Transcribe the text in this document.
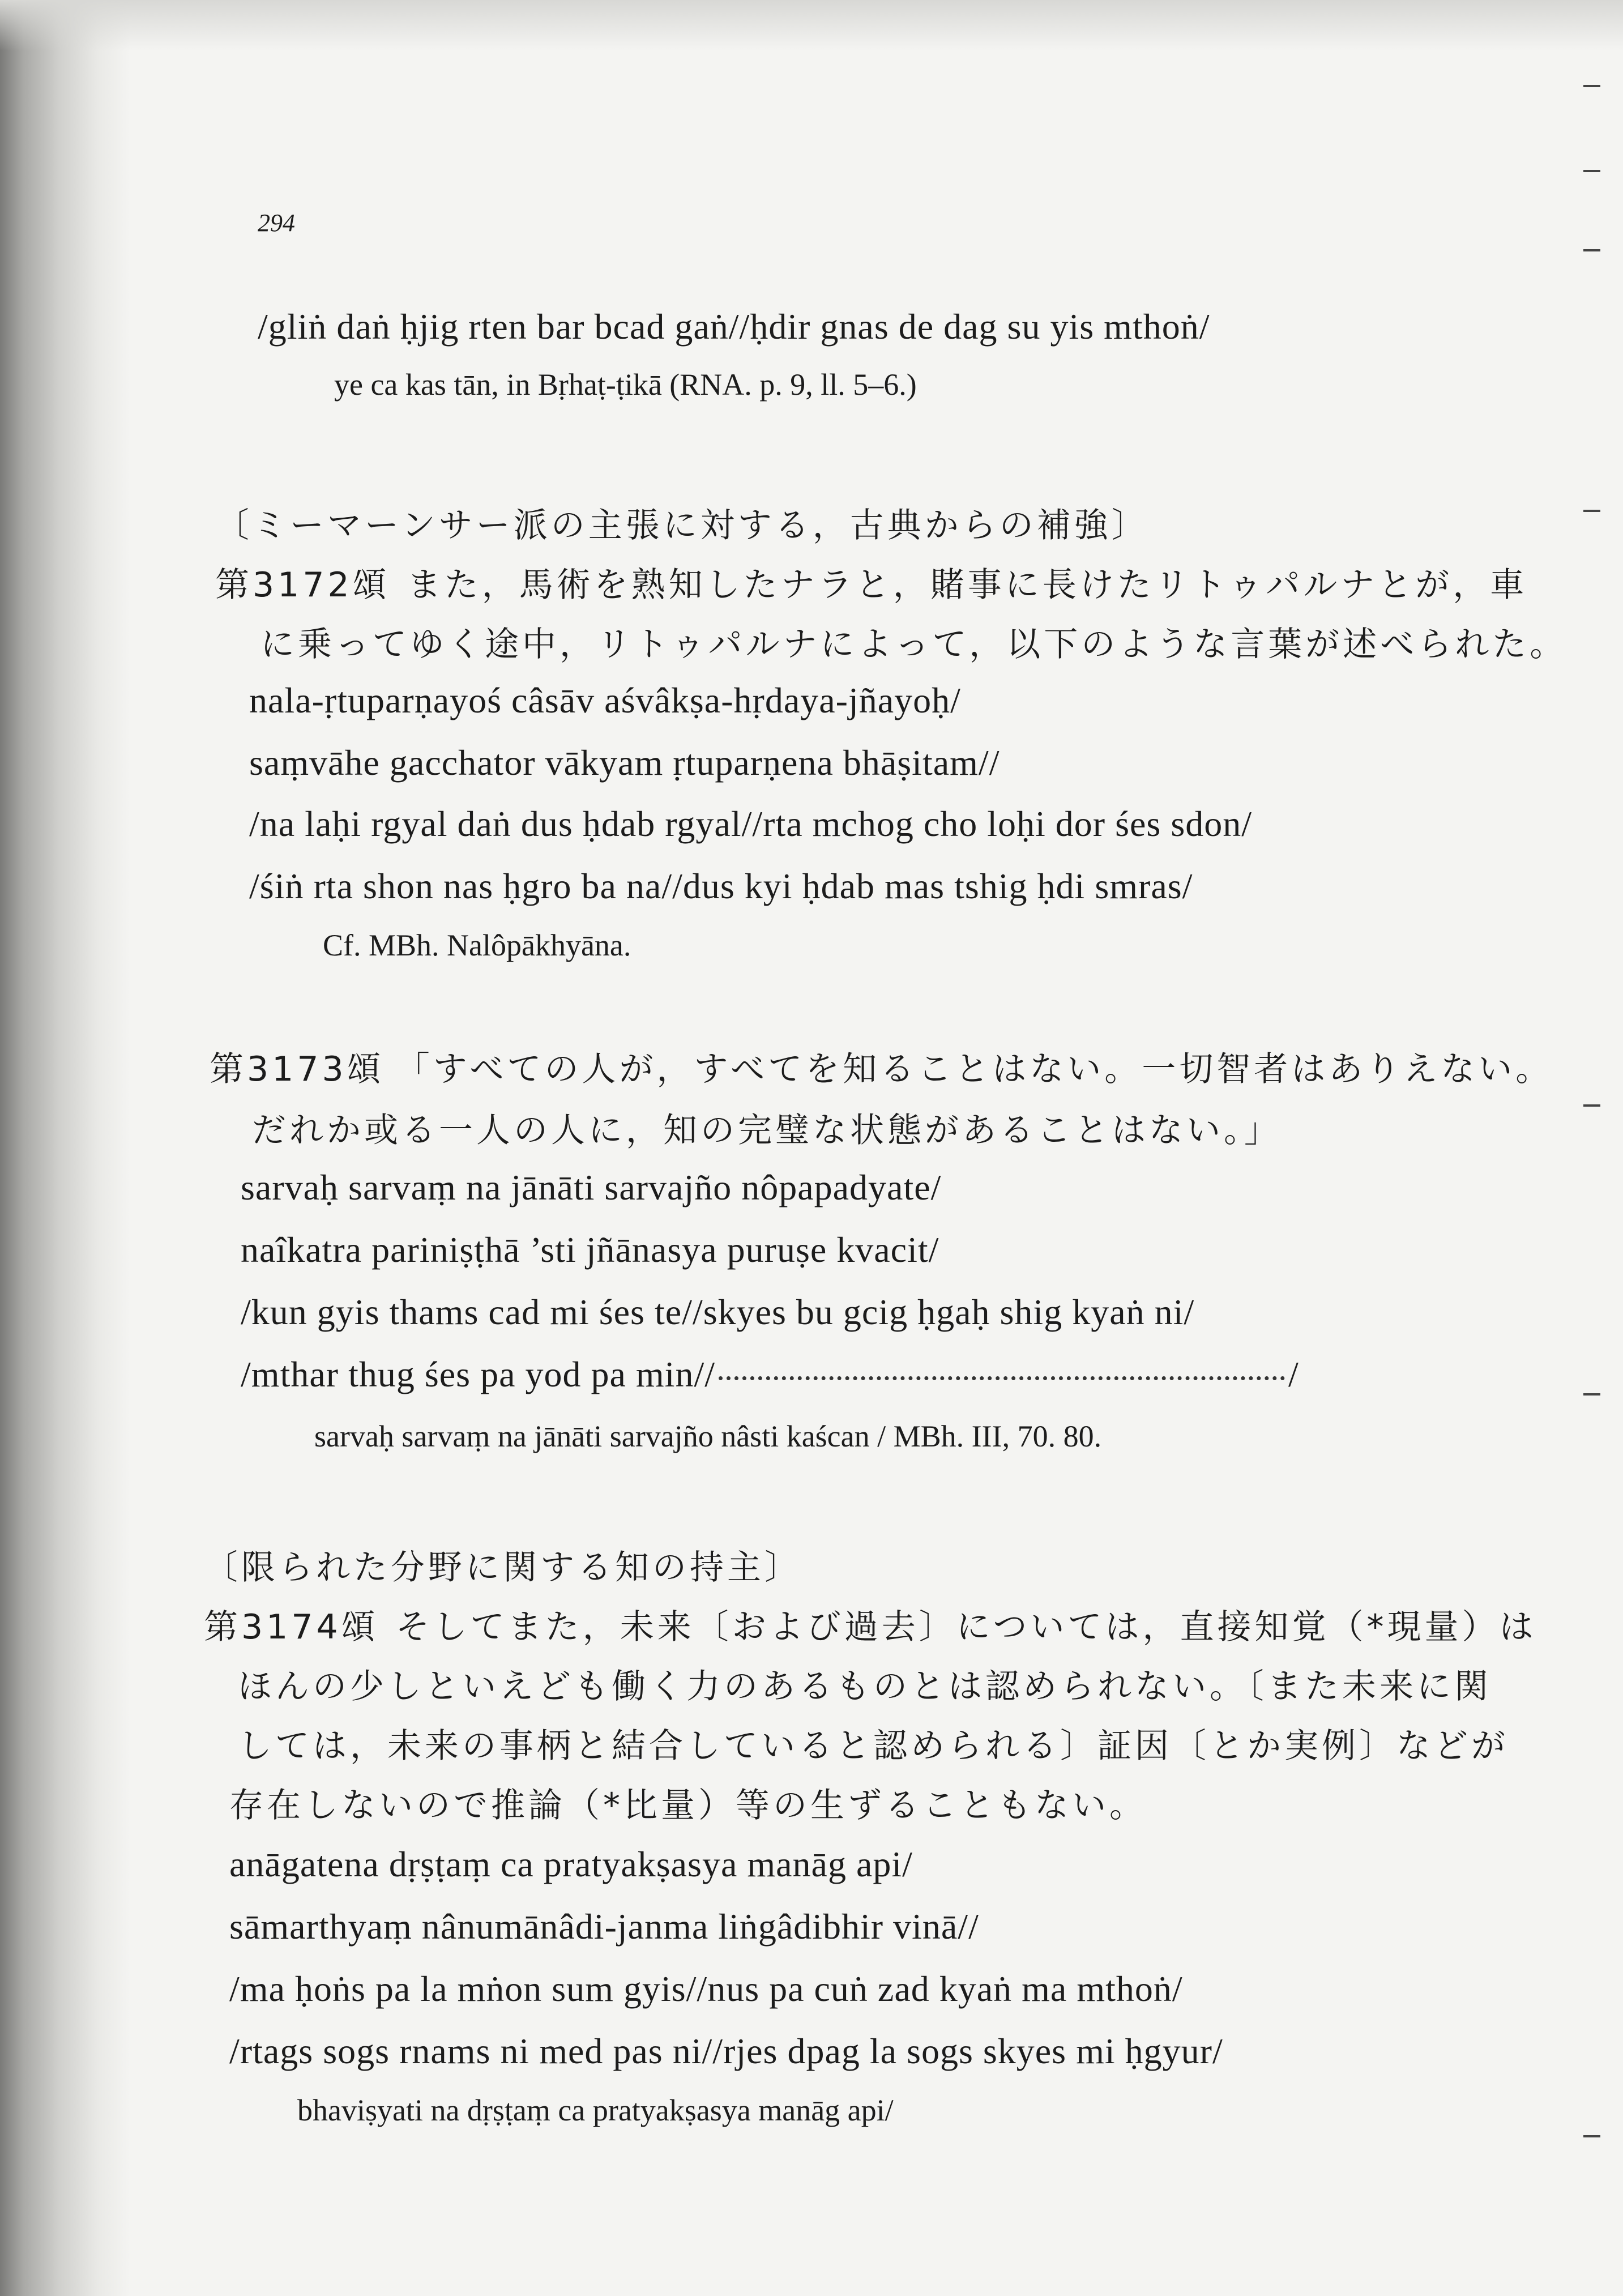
294
/gliṅ daṅ ḥjig rten bar bcad gaṅ//ḥdir gnas de dag su yis mthoṅ/
ye ca kas tān, in Bṛhaṭ-ṭikā (RNA. p. 9, ll. 5–6.)
〔ミーマーンサー派の主張に対する，古典からの補強〕
第3172頌 また，馬術を熟知したナラと，賭事に長けたリトゥパルナとが，車
に乗ってゆく途中，リトゥパルナによって，以下のような言葉が述べられた。
nala-ṛtuparṇayoś câsāv aśvâkṣa-hṛdaya-jñayoḥ/
saṃvāhe gacchator vākyam ṛtuparṇena bhāṣitam//
/na laḥi rgyal daṅ dus ḥdab rgyal//rta mchog cho loḥi dor śes sdon/
/śiṅ rta shon nas ḥgro ba na//dus kyi ḥdab mas tshig ḥdi smras/
Cf. MBh. Nalôpākhyāna.
第3173頌 「すべての人が，すべてを知ることはない。一切智者はありえない。
だれか或る一人の人に，知の完璧な状態があることはない。」
sarvaḥ sarvaṃ na jānāti sarvajño nôpapadyate/
naîkatra pariniṣṭhā ’sti jñānasya puruṣe kvacit/
/kun gyis thams cad mi śes te//skyes bu gcig ḥgaḥ shig kyaṅ ni/
/mthar thug śes pa yod pa min//	/
sarvaḥ sarvaṃ na jānāti sarvajño nâsti kaścan / MBh. III, 70. 80.
〔限られた分野に関する知の持主〕
第3174頌 そしてまた，未来〔および過去〕については，直接知覚（*現量）は
ほんの少しといえども働く力のあるものとは認められない。〔また未来に関
しては，未来の事柄と結合していると認められる〕証因〔とか実例〕などが
存在しないので推論（*比量）等の生ずることもない。
anāgatena dṛṣṭaṃ ca pratyakṣasya manāg api/
sāmarthyaṃ nânumānâdi-janma liṅgâdibhir vinā//
/ma ḥoṅs pa la mṅon sum gyis//nus pa cuṅ zad kyaṅ ma mthoṅ/
/rtags sogs rnams ni med pas ni//rjes dpag la sogs skyes mi ḥgyur/
bhaviṣyati na dṛṣṭaṃ ca pratyakṣasya manāg api/
